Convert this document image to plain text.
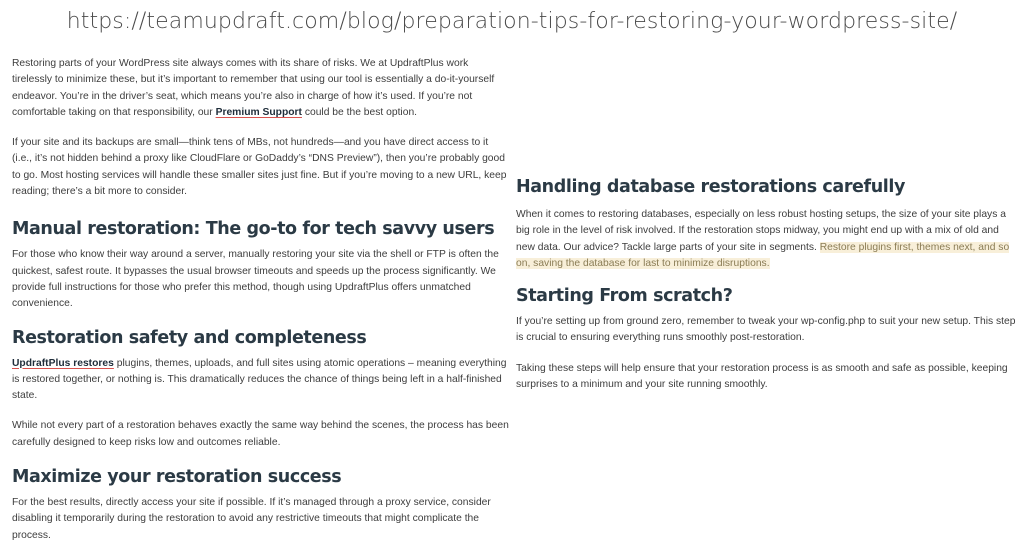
https://teamupdraft.com/blog/preparation-tips-for-restoring-your-wordpress-site/

Restoring parts of your WordPress site always comes with its share of risks. We at UpdraftPlus work tirelessly to minimize these, but it’s important to remember that using our tool is essentially a do-it-yourself endeavor. You’re in the driver’s seat, which means you’re also in charge of how it’s used. If you’re not comfortable taking on that responsibility, our Premium Support could be the best option.

If your site and its backups are small—think tens of MBs, not hundreds—and you have direct access to it (i.e., it’s not hidden behind a proxy like CloudFlare or GoDaddy’s “DNS Preview”), then you’re probably good to go. Most hosting services will handle these smaller sites just fine. But if you’re moving to a new URL, keep reading; there’s a bit more to consider.

Manual restoration: The go-to for tech savvy users

For those who know their way around a server, manually restoring your site via the shell or FTP is often the quickest, safest route. It bypasses the usual browser timeouts and speeds up the process significantly. We provide full instructions for those who prefer this method, though using UpdraftPlus offers unmatched convenience.

Restoration safety and completeness

UpdraftPlus restores plugins, themes, uploads, and full sites using atomic operations – meaning everything is restored together, or nothing is. This dramatically reduces the chance of things being left in a half-finished state.

While not every part of a restoration behaves exactly the same way behind the scenes, the process has been carefully designed to keep risks low and outcomes reliable.

Maximize your restoration success

For the best results, directly access your site if possible. If it’s managed through a proxy service, consider disabling it temporarily during the restoration to avoid any restrictive timeouts that might complicate the process.

Handling database restorations carefully

When it comes to restoring databases, especially on less robust hosting setups, the size of your site plays a big role in the level of risk involved. If the restoration stops midway, you might end up with a mix of old and new data. Our advice? Tackle large parts of your site in segments. Restore plugins first, themes next, and so on, saving the database for last to minimize disruptions.

Starting From scratch?

If you’re setting up from ground zero, remember to tweak your wp-config.php to suit your new setup. This step is crucial to ensuring everything runs smoothly post-restoration.

Taking these steps will help ensure that your restoration process is as smooth and safe as possible, keeping surprises to a minimum and your site running smoothly.
